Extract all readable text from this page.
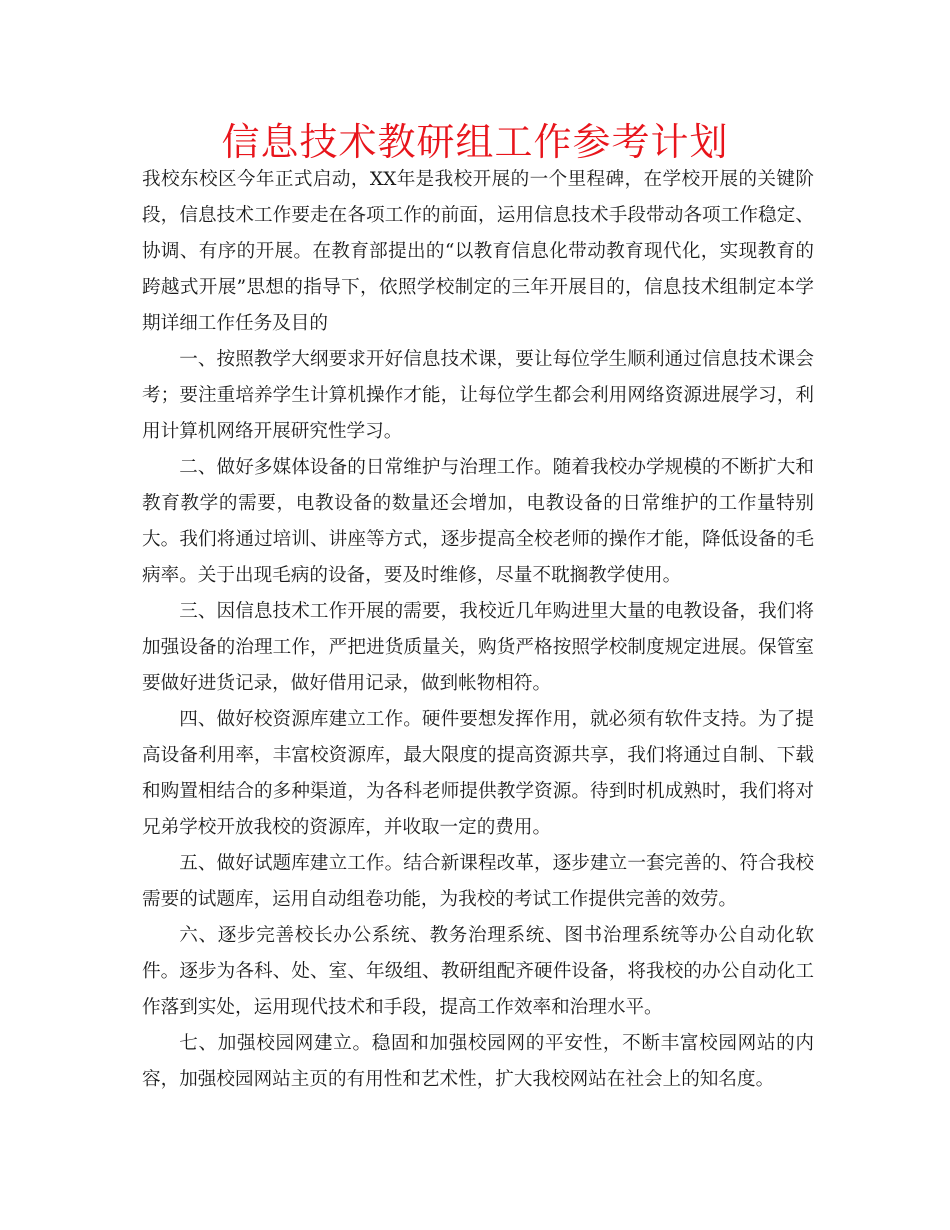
信息技术教研组工作参考计划

我校东校区今年正式启动，XX年是我校开展的一个里程碑，在学校开展的关键阶段，信息技术工作要走在各项工作的前面，运用信息技术手段带动各项工作稳定、协调、有序的开展。在教育部提出的“以教育信息化带动教育现代化，实现教育的跨越式开展”思想的指导下，依照学校制定的三年开展目的，信息技术组制定本学期详细工作任务及目的

一、按照教学大纲要求开好信息技术课，要让每位学生顺利通过信息技术课会考；要注重培养学生计算机操作才能，让每位学生都会利用网络资源进展学习，利用计算机网络开展研究性学习。

二、做好多媒体设备的日常维护与治理工作。随着我校办学规模的不断扩大和教育教学的需要，电教设备的数量还会增加，电教设备的日常维护的工作量特别大。我们将通过培训、讲座等方式，逐步提高全校老师的操作才能，降低设备的毛病率。关于出现毛病的设备，要及时维修，尽量不耽搁教学使用。

三、因信息技术工作开展的需要，我校近几年购进里大量的电教设备，我们将加强设备的治理工作，严把进货质量关，购货严格按照学校制度规定进展。保管室要做好进货记录，做好借用记录，做到帐物相符。

四、做好校资源库建立工作。硬件要想发挥作用，就必须有软件支持。为了提高设备利用率，丰富校资源库，最大限度的提高资源共享，我们将通过自制、下载和购置相结合的多种渠道，为各科老师提供教学资源。待到时机成熟时，我们将对兄弟学校开放我校的资源库，并收取一定的费用。

五、做好试题库建立工作。结合新课程改革，逐步建立一套完善的、符合我校需要的试题库，运用自动组卷功能，为我校的考试工作提供完善的效劳。

六、逐步完善校长办公系统、教务治理系统、图书治理系统等办公自动化软件。逐步为各科、处、室、年级组、教研组配齐硬件设备，将我校的办公自动化工作落到实处，运用现代技术和手段，提高工作效率和治理水平。

七、加强校园网建立。稳固和加强校园网的平安性，不断丰富校园网站的内容，加强校园网站主页的有用性和艺术性，扩大我校网站在社会上的知名度。
